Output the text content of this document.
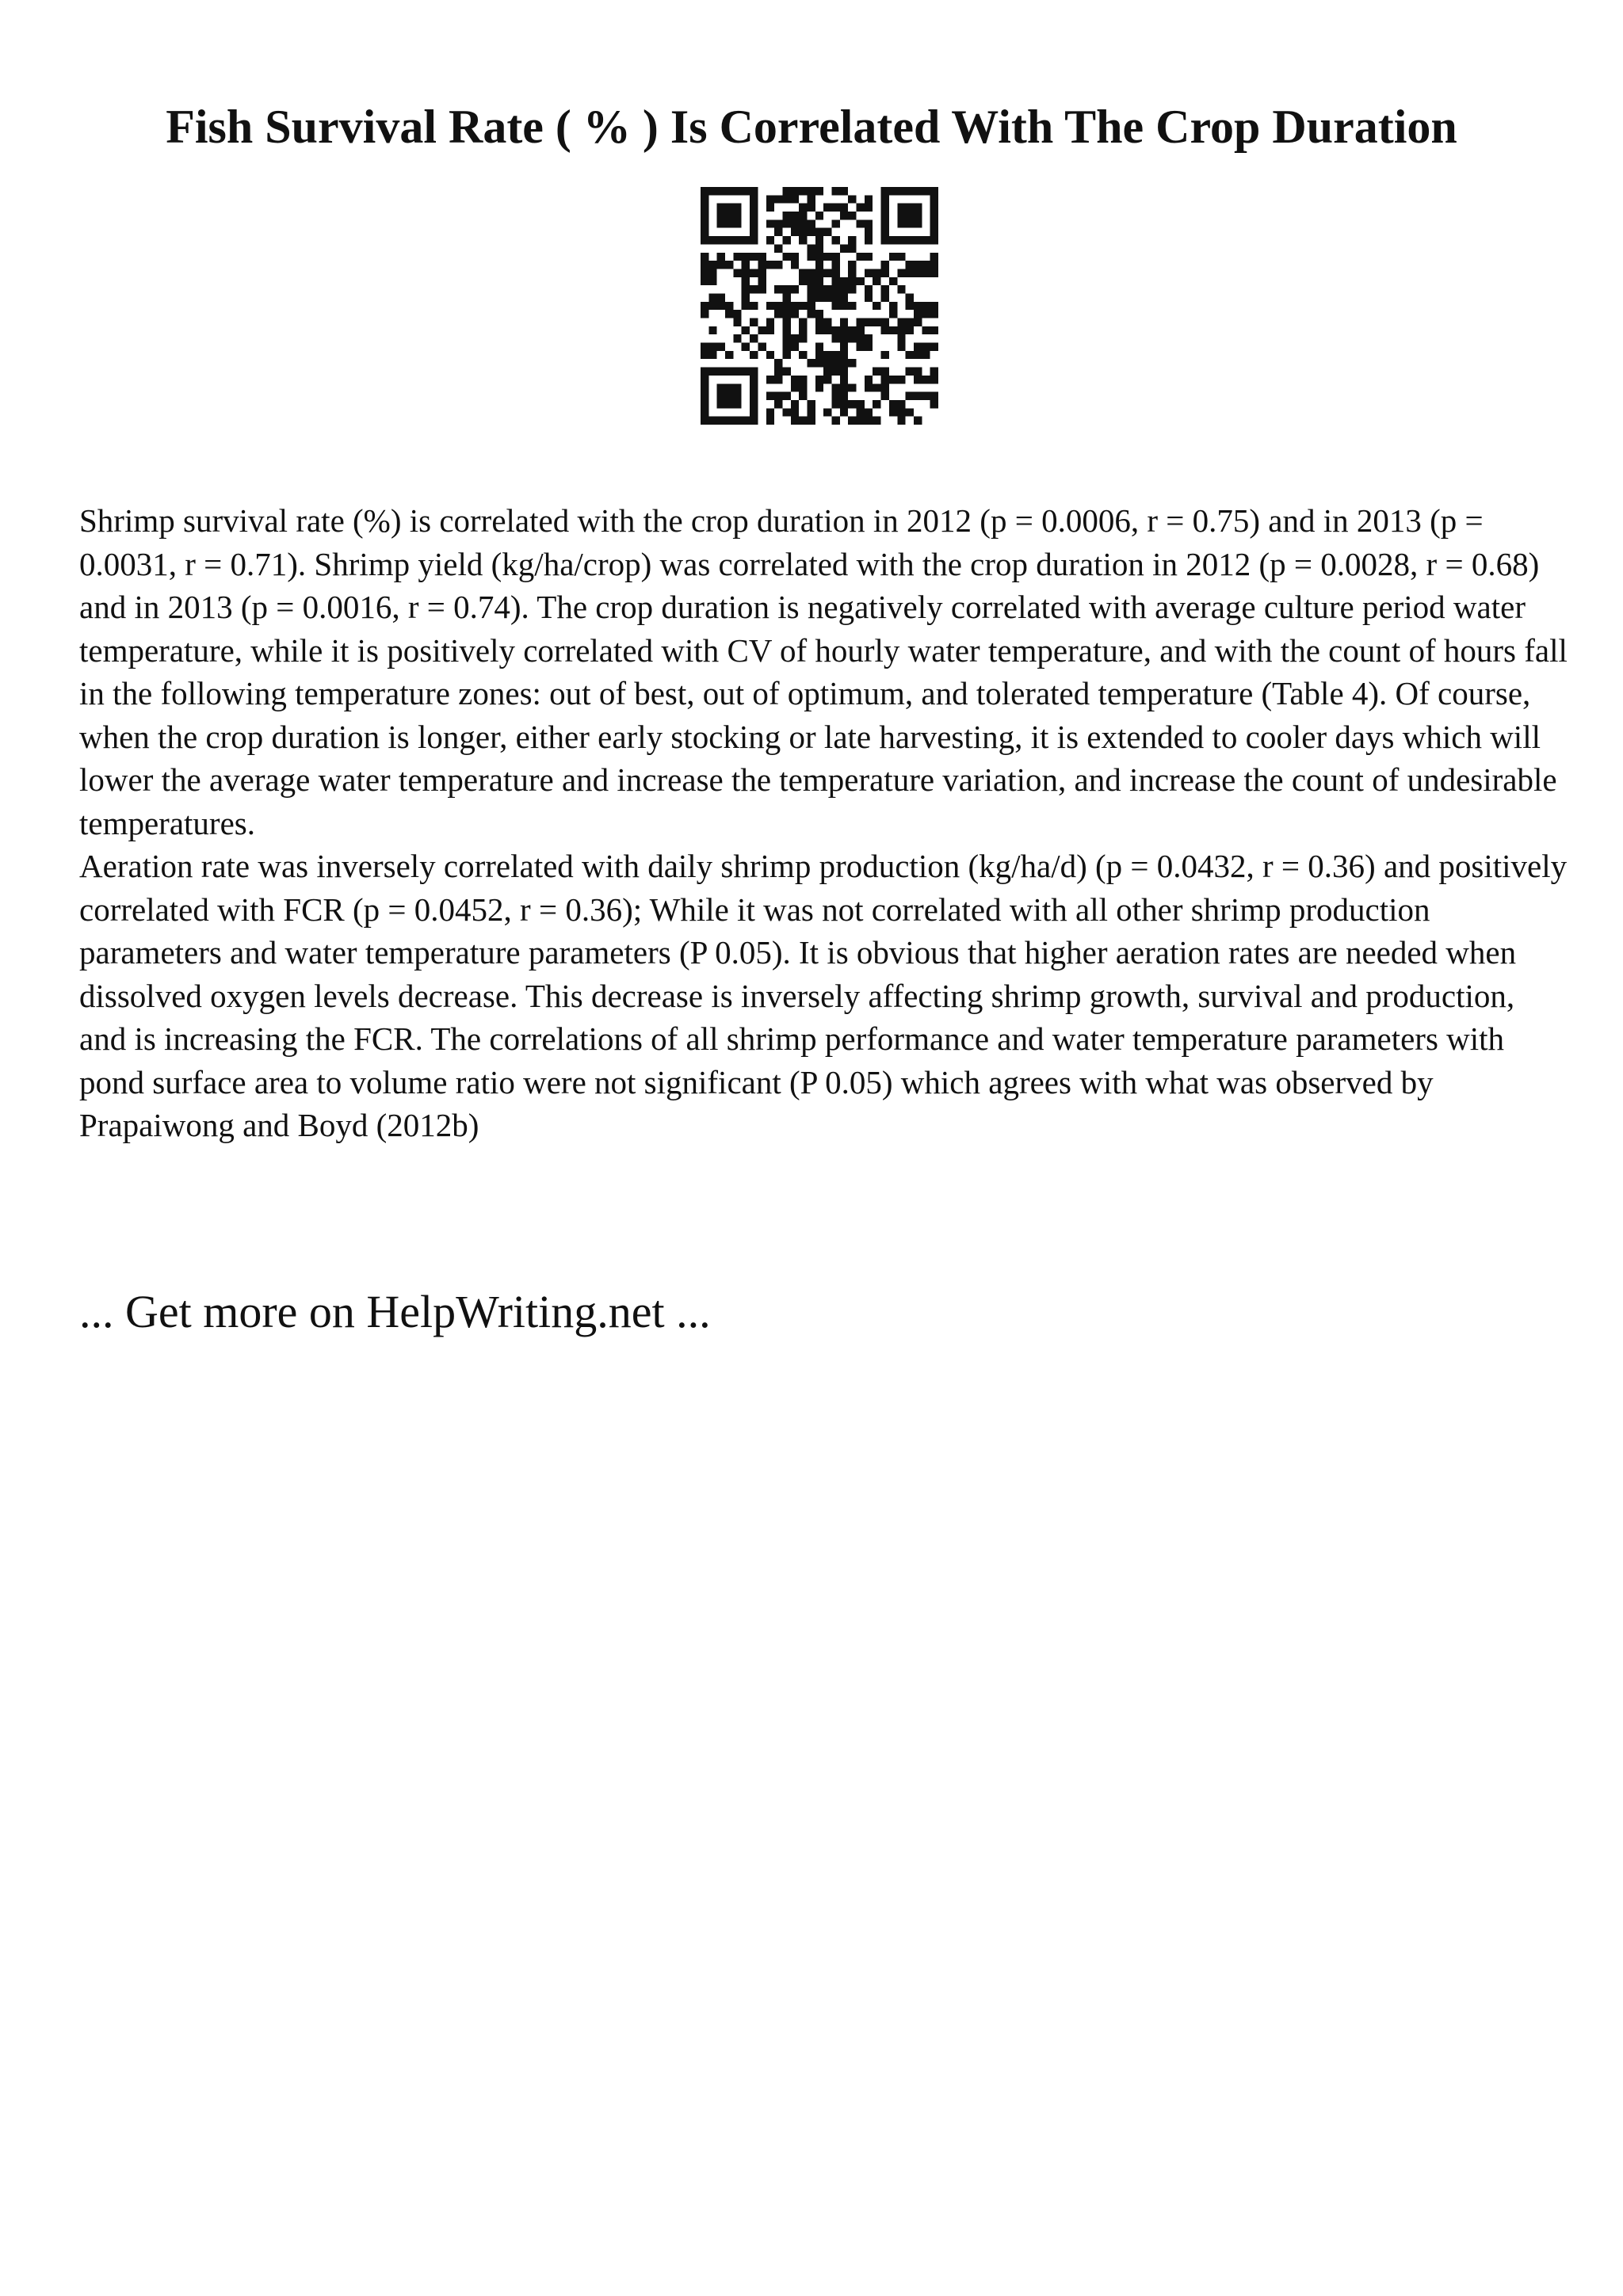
Fish Survival Rate ( % ) Is Correlated With The Crop Duration

Shrimp survival rate (%) is correlated with the crop duration in 2012 (p = 0.0006, r = 0.75) and in 2013 (p = 0.0031, r = 0.71). Shrimp yield (kg/ha/crop) was correlated with the crop duration in 2012 (p = 0.0028, r = 0.68) and in 2013 (p = 0.0016, r = 0.74). The crop duration is negatively correlated with average culture period water temperature, while it is positively correlated with CV of hourly water temperature, and with the count of hours fall in the following temperature zones: out of best, out of optimum, and tolerated temperature (Table 4). Of course, when the crop duration is longer, either early stocking or late harvesting, it is extended to cooler days which will lower the average water temperature and increase the temperature variation, and increase the count of undesirable temperatures.

Aeration rate was inversely correlated with daily shrimp production (kg/ha/d) (p = 0.0432, r = 0.36) and positively correlated with FCR (p = 0.0452, r = 0.36); While it was not correlated with all other shrimp production parameters and water temperature parameters (P 0.05). It is obvious that higher aeration rates are needed when dissolved oxygen levels decrease. This decrease is inversely affecting shrimp growth, survival and production, and is increasing the FCR. The correlations of all shrimp performance and water temperature parameters with pond surface area to volume ratio were not significant (P 0.05) which agrees with what was observed by Prapaiwong and Boyd (2012b)

... Get more on HelpWriting.net ...
